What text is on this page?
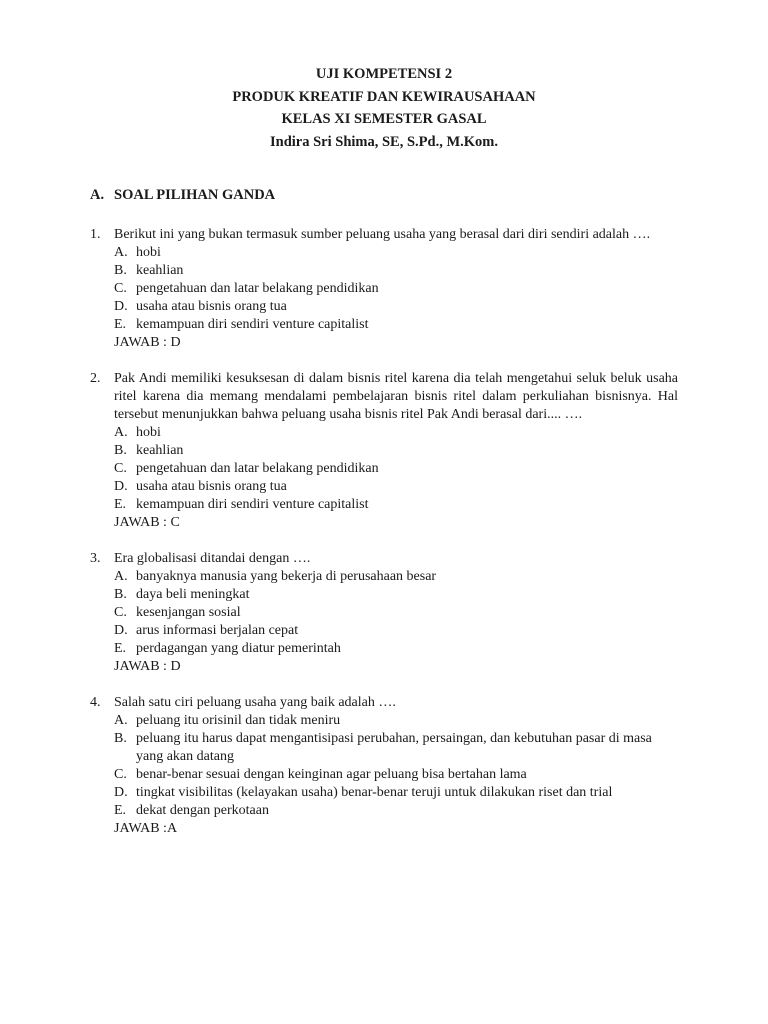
UJI KOMPETENSI 2
PRODUK KREATIF DAN KEWIRAUSAHAAN
KELAS XI SEMESTER GASAL
Indira Sri Shima, SE, S.Pd., M.Kom.
A. SOAL PILIHAN GANDA
1. Berikut ini yang bukan termasuk sumber peluang usaha yang berasal dari diri sendiri adalah ….
A. hobi
B. keahlian
C. pengetahuan dan latar belakang pendidikan
D. usaha atau bisnis orang tua
E. kemampuan diri sendiri venture capitalist
JAWAB : D
2. Pak Andi memiliki kesuksesan di dalam bisnis ritel karena dia telah mengetahui seluk beluk usaha ritel karena dia memang mendalami pembelajaran bisnis ritel dalam perkuliahan bisnisnya. Hal tersebut menunjukkan bahwa peluang usaha bisnis ritel Pak Andi berasal dari.... ….
A. hobi
B. keahlian
C. pengetahuan dan latar belakang pendidikan
D. usaha atau bisnis orang tua
E. kemampuan diri sendiri venture capitalist
JAWAB : C
3. Era globalisasi ditandai dengan ….
A. banyaknya manusia yang bekerja di perusahaan besar
B. daya beli meningkat
C. kesenjangan sosial
D. arus informasi berjalan cepat
E. perdagangan yang diatur pemerintah
JAWAB : D
4. Salah satu ciri peluang usaha yang baik adalah ….
A. peluang itu orisinil dan tidak meniru
B. peluang itu harus dapat mengantisipasi perubahan, persaingan, dan kebutuhan pasar di masa yang akan datang
C. benar-benar sesuai dengan keinginan agar peluang bisa bertahan lama
D. tingkat visibilitas (kelayakan usaha) benar-benar teruji untuk dilakukan riset dan trial
E. dekat dengan perkotaan
JAWAB :A
